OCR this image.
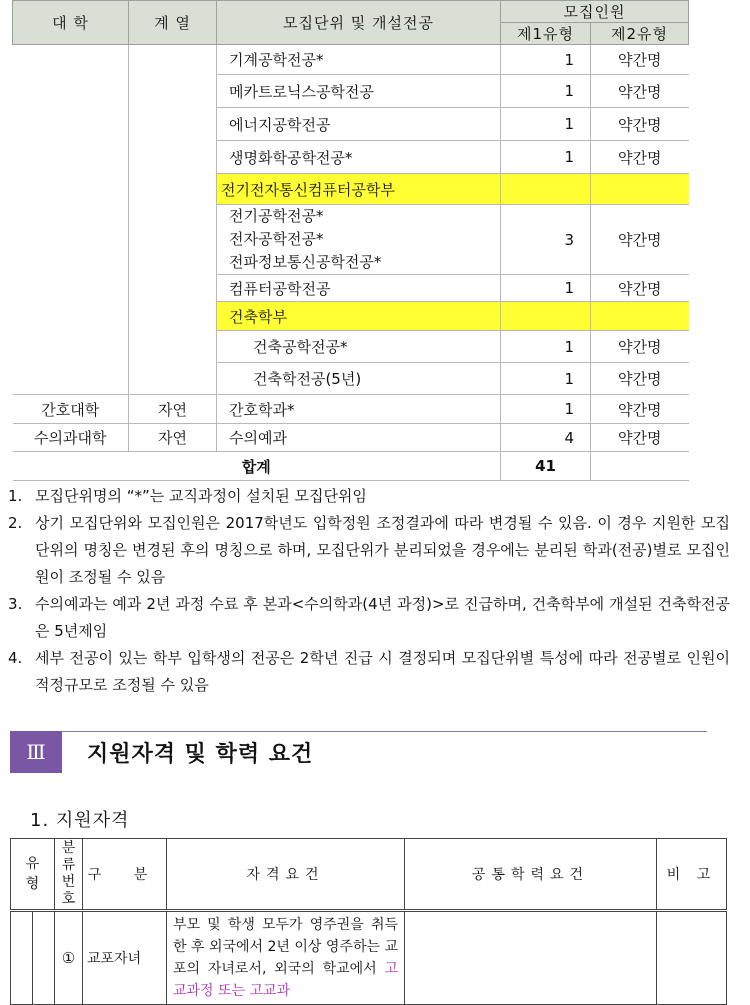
대 학	계 열	모집단위 및 개설전공	모집인원	
			제1유형	제2유형
		기계공학전공*	1	약간명
		메카트로닉스공학전공	1	약간명
		에너지공학전공	1	약간명
		생명화학공학전공*	1	약간명
		전기전자통신컴퓨터공학부		

		전기공학전공*
전자공학전공*
전파정보통신공학전공*	3	약간명
		컴퓨터공학전공	1	약간명
		건축학부		
		건축공학전공*	1	약간명
		건축학전공(5년)	1	약간명
간호대학	자연	간호학과*	1	약간명
수의과대학	자연	수의예과	4	약간명
합계			41	
1. 모집단위명의 “*”는 교직과정이 설치된 모집단위임
2. 상기 모집단위와 모집인원은 2017학년도 입학정원 조정결과에 따라 변경될 수 있음. 이 경우 지원한 모집단위의 명칭은 변경된 후의 명칭으로 하며, 모집단위가 분리되었을 경우에는 분리된 학과(전공)별로 모집인원이 조정될 수 있음
3. 수의예과는 예과 2년 과정 수료 후 본과<수의학과(4년 과정)>로 진급하며, 건축학부에 개설된 건축학전공은 5년제임
4. 세부 전공이 있는 학부 입학생의 전공은 2학년 진급 시 결정되며 모집단위별 특성에 따라 전공별로 인원이 적정규모로 조정될 수 있음
Ⅲ	지원자격 및 학력 요건
1. 지원자격
유형		분류번호	구 분	자격요건	공통학력요건	비 고
		①	교포자녀	부모 및 학생 모두가 영주권을 취득한 후 외국에서 2년 이상 영주하는 교포의 자녀로서, 외국의 학교에서 고교과정 또는 고교과		
